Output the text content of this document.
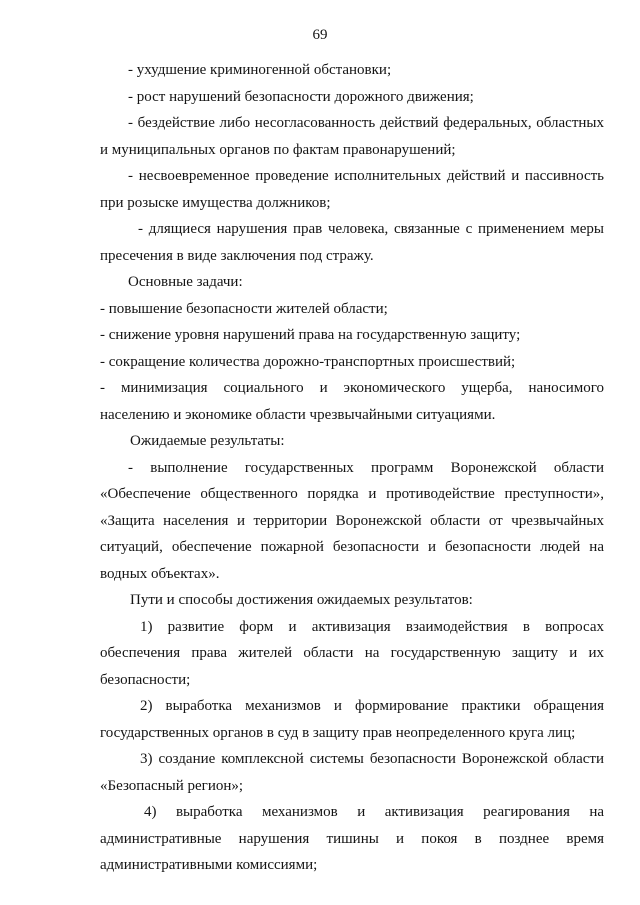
69

- ухудшение криминогенной обстановки;

- рост нарушений безопасности дорожного движения;

- бездействие либо несогласованность действий федеральных, областных и муниципальных органов по фактам правонарушений;

- несвоевременное проведение исполнительных действий и пассивность при розыске имущества должников;

- длящиеся нарушения прав человека, связанные с применением меры пресечения в виде заключения под стражу.

Основные задачи:

- повышение безопасности жителей области;

- снижение уровня нарушений права на государственную защиту;

- сокращение количества дорожно-транспортных происшествий;

- минимизация социального и экономического ущерба, наносимого населению и экономике области чрезвычайными ситуациями.

Ожидаемые результаты:

- выполнение государственных программ Воронежской области «Обеспечение общественного порядка и противодействие преступности», «Защита населения и территории Воронежской области от чрезвычайных ситуаций, обеспечение пожарной безопасности и безопасности людей на водных объектах».

Пути и способы достижения ожидаемых результатов:

1) развитие форм и активизация взаимодействия в вопросах обеспечения права жителей области на государственную защиту и их безопасности;

2) выработка механизмов и формирование практики обращения государственных органов в суд в защиту прав неопределенного круга лиц;

3) создание комплексной системы безопасности Воронежской области «Безопасный регион»;

4) выработка механизмов и активизация реагирования на административные нарушения тишины и покоя в позднее время административными комиссиями;
